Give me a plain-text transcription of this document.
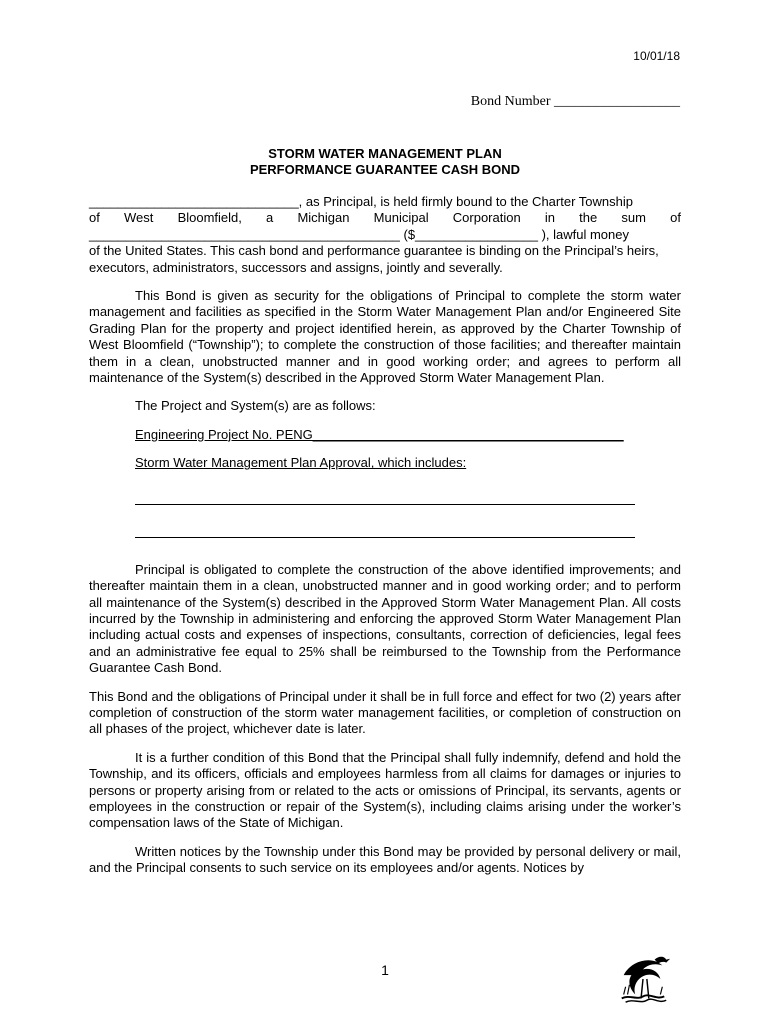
10/01/18
Bond Number __________________
STORM WATER MANAGEMENT PLAN
PERFORMANCE GUARANTEE CASH BOND

_____________________________, as Principal, is held firmly bound to the Charter Township

of West Bloomfield, a Michigan Municipal Corporation in the sum of

___________________________________________ ($_________________ ), lawful money

of the United States. This cash bond and performance guarantee is binding on the Principal’s heirs, executors, administrators, successors and assigns, jointly and severally.

This Bond is given as security for the obligations of Principal to complete the storm water management and facilities as specified in the Storm Water Management Plan and/or Engineered Site Grading Plan for the property and project identified herein, as approved by the Charter Township of West Bloomfield (“Township”); to complete the construction of those facilities; and thereafter maintain them in a clean, unobstructed manner and in good working order; and agrees to perform all maintenance of the System(s) described in the Approved Storm Water Management Plan.

The Project and System(s) are as follows:

Engineering Project No. PENG___________________________________________

Storm Water Management Plan Approval, which includes:

Principal is obligated to complete the construction of the above identified improvements; and thereafter maintain them in a clean, unobstructed manner and in good working order; and to perform all maintenance of the System(s) described in the Approved Storm Water Management Plan. All costs incurred by the Township in administering and enforcing the approved Storm Water Management Plan including actual costs and expenses of inspections, consultants, correction of deficiencies, legal fees and an administrative fee equal to 25% shall be reimbursed to the Township from the Performance Guarantee Cash Bond.

This Bond and the obligations of Principal under it shall be in full force and effect for two (2) years after completion of construction of the storm water management facilities, or completion of construction on all phases of the project, whichever date is later.

It is a further condition of this Bond that the Principal shall fully indemnify, defend and hold the Township, and its officers, officials and employees harmless from all claims for damages or injuries to persons or property arising from or related to the acts or omissions of Principal, its servants, agents or employees in the construction or repair of the System(s), including claims arising under the worker’s compensation laws of the State of Michigan.

Written notices by the Township under this Bond may be provided by personal delivery or mail, and the Principal consents to such service on its employees and/or agents. Notices by

1
